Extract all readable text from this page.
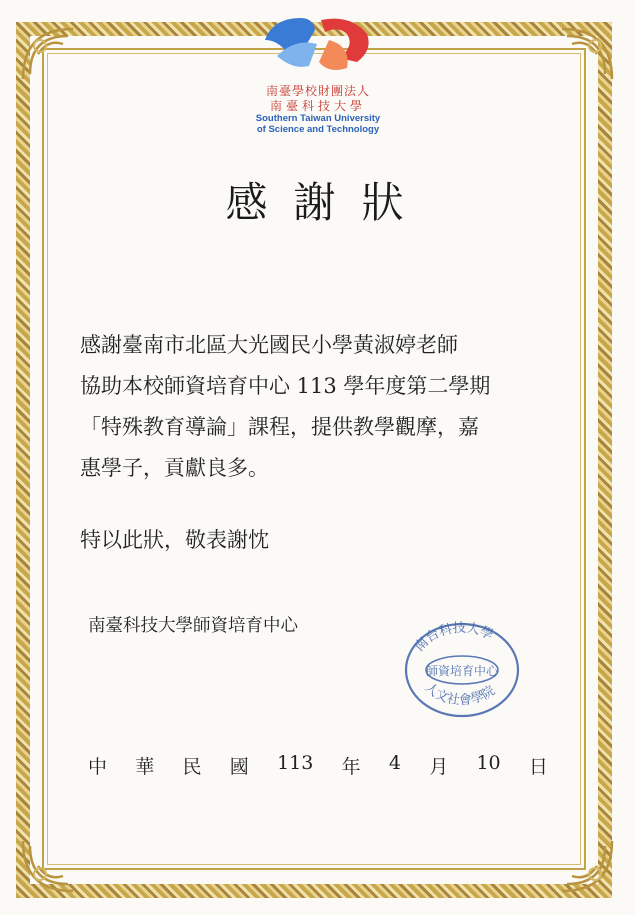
南臺學校財團法人
南臺科技大學
Southern Taiwan University
of Science and Technology
感謝狀
感謝臺南市北區大光國民小學黃淑婷老師
協助本校師資培育中心 113 學年度第二學期
「特殊教育導論」課程，提供教學觀摩，嘉
惠學子，貢獻良多。
特以此狀，敬表謝忱
南臺科技大學師資培育中心
南台科技大學
師資培育中心
人文社會學院
中 華 民 國 113 年 4 月 10 日
